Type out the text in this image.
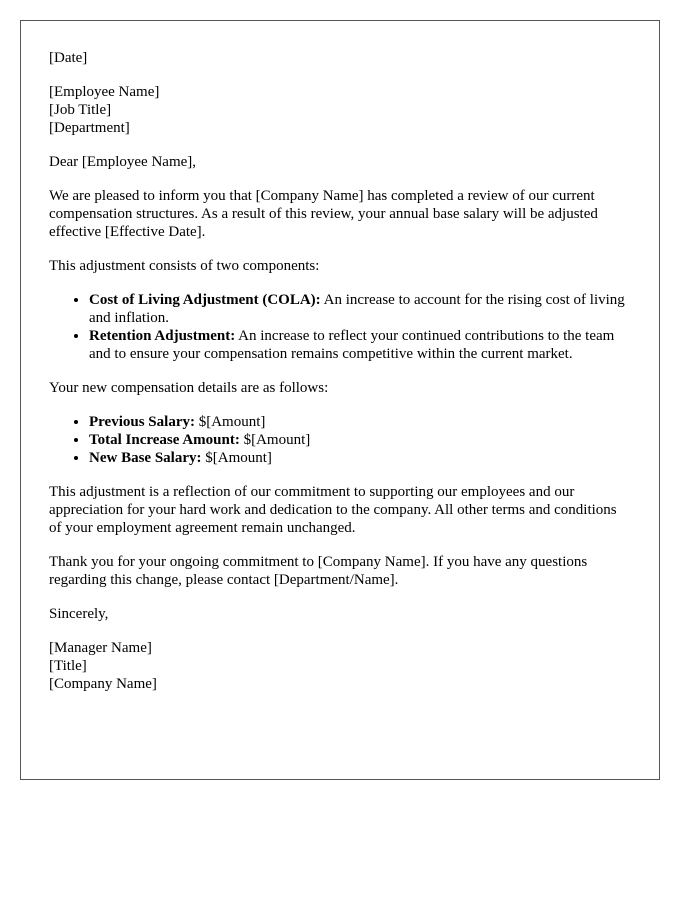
[Date]

[Employee Name]
[Job Title]
[Department]

Dear [Employee Name],

We are pleased to inform you that [Company Name] has completed a review of our current compensation structures. As a result of this review, your annual base salary will be adjusted effective [Effective Date].

This adjustment consists of two components:

• Cost of Living Adjustment (COLA): An increase to account for the rising cost of living and inflation.
• Retention Adjustment: An increase to reflect your continued contributions to the team and to ensure your compensation remains competitive within the current market.

Your new compensation details are as follows:

• Previous Salary: $[Amount]
• Total Increase Amount: $[Amount]
• New Base Salary: $[Amount]

This adjustment is a reflection of our commitment to supporting our employees and our appreciation for your hard work and dedication to the company. All other terms and conditions of your employment agreement remain unchanged.

Thank you for your ongoing commitment to [Company Name]. If you have any questions regarding this change, please contact [Department/Name].

Sincerely,

[Manager Name]
[Title]
[Company Name]
